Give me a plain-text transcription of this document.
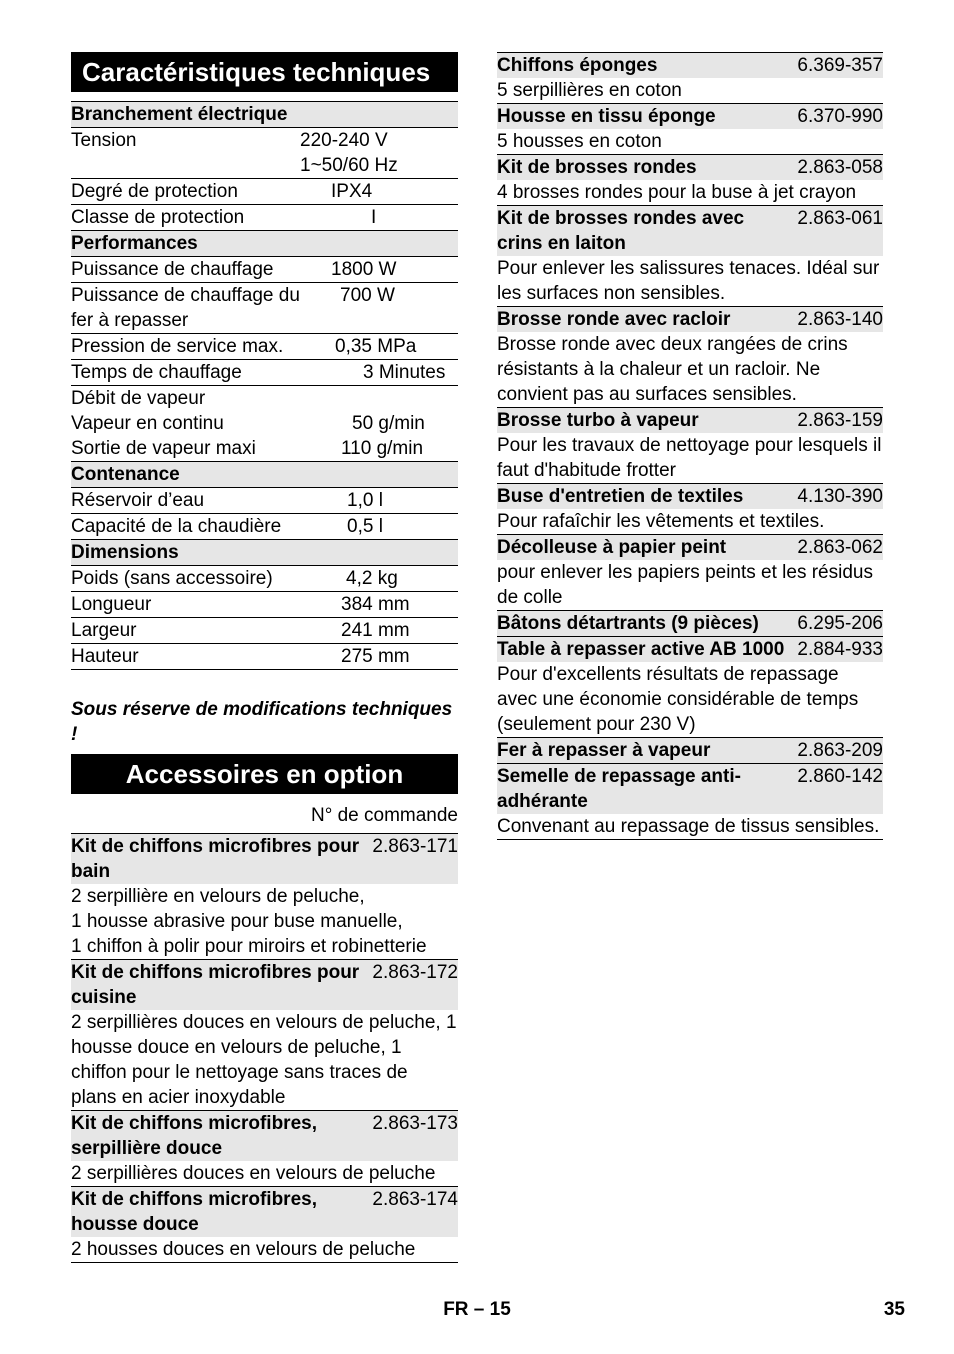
Caractéristiques techniques
Branchement électrique	
Tension	220-240 V
1~50/60 Hz

Degré de protection	IPX4
Classe de protection	I
Performances	
Puissance de chauffage	1800 W
Puissance de chauffage du fer à repasser	700 W
Pression de service max.	0,35 MPa
Temps de chauffage	3 Minutes
Débit de vapeur	
Vapeur en continu	50 g/min
Sortie de vapeur maxi	110 g/min
Contenance	
Réservoir d’eau	1,0 l
Capacité de la chaudière	0,5 l
Dimensions	
Poids (sans accessoire)	4,2 kg
Longueur	384 mm
Largeur	241 mm
Hauteur	275 mm
Sous réserve de modifications techniques !
Accessoires en option
N° de commande
Kit de chiffons microfibres pour bain
2.863-171
2 serpillière en velours de peluche,
1 housse abrasive pour buse manuelle,
1 chiffon à polir pour miroirs et robinetterie
Kit de chiffons microfibres pour cuisine
2.863-172
2 serpillières douces en velours de peluche, 1 housse douce en velours de peluche, 1 chiffon pour le nettoyage sans traces de plans en acier inoxydable
Kit de chiffons microfibres, serpillière douce
2.863-173
2 serpillières douces en velours de peluche
Kit de chiffons microfibres, housse douce
2.863-174
2 housses douces en velours de peluche
Chiffons éponges	6.369-357
5 serpillières en coton
Housse en tissu éponge	6.370-990
5 housses en coton
Kit de brosses rondes	2.863-058
4 brosses rondes pour la buse à jet crayon
Kit de brosses rondes avec crins en laiton
2.863-061
Pour enlever les salissures tenaces. Idéal sur les surfaces non sensibles.
Brosse ronde avec racloir	2.863-140
Brosse ronde avec deux rangées de crins résistants à la chaleur et un racloir. Ne convient pas au surfaces sensibles.
Brosse turbo à vapeur	2.863-159
Pour les travaux de nettoyage pour lesquels il faut d'habitude frotter
Buse d'entretien de textiles	4.130-390
Pour rafaîchir les vêtements et textiles.
Décolleuse à papier peint	2.863-062
pour enlever les papiers peints et les résidus de colle
Bâtons détartrants (9 pièces)	6.295-206
Table à repasser active AB 1000 2.884-933
Pour d'excellents résultats de repassage avec une économie considérable de temps (seulement pour 230 V)
Fer à repasser à vapeur	2.863-209
Semelle de repassage anti-adhérante
2.860-142
Convenant au repassage de tissus sensibles.
FR – 15	35
